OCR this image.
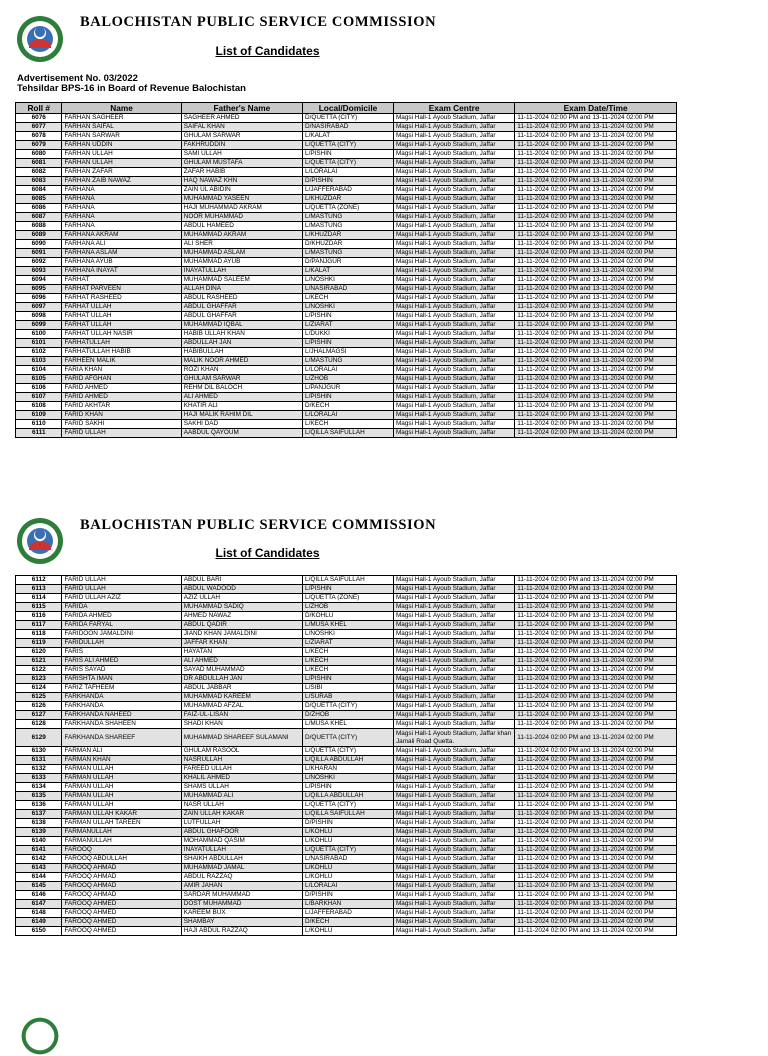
BALOCHISTAN PUBLIC SERVICE COMMISSION
List of Candidates
Advertisement No. 03/2022
Tehsildar BPS-16 in Board of Revenue Balochistan
Roll #	Name	Father's Name	Local/Domicile	Exam Centre	Exam Date/Time
6076	FARHAN SAGHEER	SAGHEER AHMED	D/QUETTA (CITY)	Magsi Hall-1 Ayoub Stadium, Jaffar	11-11-2024 02:00 PM and 13-11-2024 02:00 PM
6077	FARHAN SAIFAL	SAIFAL KHAN	D/NASIRABAD	Magsi Hall-1 Ayoub Stadium, Jaffar	11-11-2024 02:00 PM and 13-11-2024 02:00 PM
6078	FARHAN SARWAR	GHULAM SARWAR	L/KALAT	Magsi Hall-1 Ayoub Stadium, Jaffar	11-11-2024 02:00 PM and 13-11-2024 02:00 PM
6079	FARHAN UDDIN	FAKHRUDDIN	L/QUETTA (CITY)	Magsi Hall-1 Ayoub Stadium, Jaffar	11-11-2024 02:00 PM and 13-11-2024 02:00 PM
6080	FARHAN ULLAH	SAMI ULLAH	L/PISHIN	Magsi Hall-1 Ayoub Stadium, Jaffar	11-11-2024 02:00 PM and 13-11-2024 02:00 PM
6081	FARHAN ULLAH	GHULAM MUSTAFA	L/QUETTA (CITY)	Magsi Hall-1 Ayoub Stadium, Jaffar	11-11-2024 02:00 PM and 13-11-2024 02:00 PM
6082	FARHAN ZAFAR	ZAFAR HABIB	L/LORALAI	Magsi Hall-1 Ayoub Stadium, Jaffar	11-11-2024 02:00 PM and 13-11-2024 02:00 PM
6083	FARHAN ZAIB NAWAZ	HAQ NAWAZ KHN	D/PISHIN	Magsi Hall-1 Ayoub Stadium, Jaffar	11-11-2024 02:00 PM and 13-11-2024 02:00 PM
6084	FARHANA	ZAIN UL ABIDIN	L/JAFFERABAD	Magsi Hall-1 Ayoub Stadium, Jaffar	11-11-2024 02:00 PM and 13-11-2024 02:00 PM
6085	FARHANA	MUHAMMAD YASEEN	L/KHUZDAR	Magsi Hall-1 Ayoub Stadium, Jaffar	11-11-2024 02:00 PM and 13-11-2024 02:00 PM
6086	FARHANA	HAJI MUHAMMAD AKRAM	L/QUETTA (ZONE)	Magsi Hall-1 Ayoub Stadium, Jaffar	11-11-2024 02:00 PM and 13-11-2024 02:00 PM
6087	FARHANA	NOOR MUHAMMAD	L/MASTUNG	Magsi Hall-1 Ayoub Stadium, Jaffar	11-11-2024 02:00 PM and 13-11-2024 02:00 PM
6088	FARHANA	ABDUL HAMEED	L/MASTUNG	Magsi Hall-1 Ayoub Stadium, Jaffar	11-11-2024 02:00 PM and 13-11-2024 02:00 PM
6089	FARHANA AKRAM	MUHAMMAD AKRAM	L/KHUZDAR	Magsi Hall-1 Ayoub Stadium, Jaffar	11-11-2024 02:00 PM and 13-11-2024 02:00 PM
6090	FARHANA ALI	ALI SHER	D/KHUZDAR	Magsi Hall-1 Ayoub Stadium, Jaffar	11-11-2024 02:00 PM and 13-11-2024 02:00 PM
6091	FARHANA ASLAM	MUHAMMAD ASLAM	L/MASTUNG	Magsi Hall-1 Ayoub Stadium, Jaffar	11-11-2024 02:00 PM and 13-11-2024 02:00 PM
6092	FARHANA AYUB	MUHAMMAD AYUB	D/PANJGUR	Magsi Hall-1 Ayoub Stadium, Jaffar	11-11-2024 02:00 PM and 13-11-2024 02:00 PM
6093	FARHANA INAYAT	INAYATULLAH	L/KALAT	Magsi Hall-1 Ayoub Stadium, Jaffar	11-11-2024 02:00 PM and 13-11-2024 02:00 PM
6094	FARHAT	MUHAMMAD SALEEM	L/NOSHKI	Magsi Hall-1 Ayoub Stadium, Jaffar	11-11-2024 02:00 PM and 13-11-2024 02:00 PM
6095	FARHAT PARVEEN	ALLAH DINA	L/NASIRABAD	Magsi Hall-1 Ayoub Stadium, Jaffar	11-11-2024 02:00 PM and 13-11-2024 02:00 PM
6096	FARHAT RASHEED	ABDUL RASHEED	L/KECH	Magsi Hall-1 Ayoub Stadium, Jaffar	11-11-2024 02:00 PM and 13-11-2024 02:00 PM
6097	FARHAT ULLAH	ABDUL GHAFFAR	L/NOSHKI	Magsi Hall-1 Ayoub Stadium, Jaffar	11-11-2024 02:00 PM and 13-11-2024 02:00 PM
6098	FARHAT ULLAH	ABDUL GHAFFAR	L/PISHIN	Magsi Hall-1 Ayoub Stadium, Jaffar	11-11-2024 02:00 PM and 13-11-2024 02:00 PM
6099	FARHAT ULLAH	MUHAMMAD IQBAL	L/ZIARAT	Magsi Hall-1 Ayoub Stadium, Jaffar	11-11-2024 02:00 PM and 13-11-2024 02:00 PM
6100	FARHAT ULLAH NASIR	HABIB ULLAH KHAN	L/DUKKI	Magsi Hall-1 Ayoub Stadium, Jaffar	11-11-2024 02:00 PM and 13-11-2024 02:00 PM
6101	FARHATULLAH	ABDULLAH JAN	L/PISHIN	Magsi Hall-1 Ayoub Stadium, Jaffar	11-11-2024 02:00 PM and 13-11-2024 02:00 PM
6102	FARHATULLAH HABIB	HABIBULLAH	L/JHALMAGSI	Magsi Hall-1 Ayoub Stadium, Jaffar	11-11-2024 02:00 PM and 13-11-2024 02:00 PM
6103	FARHEEN MALIK	MALIK NOOR AHMED	L/MASTUNG	Magsi Hall-1 Ayoub Stadium, Jaffar	11-11-2024 02:00 PM and 13-11-2024 02:00 PM
6104	FARIA KHAN	ROZI KHAN	L/LORALAI	Magsi Hall-1 Ayoub Stadium, Jaffar	11-11-2024 02:00 PM and 13-11-2024 02:00 PM
6105	FARID AFGHAN	GHULAM SARWAR	L/ZHOB	Magsi Hall-1 Ayoub Stadium, Jaffar	11-11-2024 02:00 PM and 13-11-2024 02:00 PM
6106	FARID AHMED	REHM DIL BALOCH	L/PANJGUR	Magsi Hall-1 Ayoub Stadium, Jaffar	11-11-2024 02:00 PM and 13-11-2024 02:00 PM
6107	FARID AHMED	ALI AHMED	L/PISHIN	Magsi Hall-1 Ayoub Stadium, Jaffar	11-11-2024 02:00 PM and 13-11-2024 02:00 PM
6108	FARID AKHTAR	KHATIR ALI	D/KECH	Magsi Hall-1 Ayoub Stadium, Jaffar	11-11-2024 02:00 PM and 13-11-2024 02:00 PM
6109	FARID KHAN	HAJI MALIK RAHIM DIL	L/LORALAI	Magsi Hall-1 Ayoub Stadium, Jaffar	11-11-2024 02:00 PM and 13-11-2024 02:00 PM
6110	FARID SAKHI	SAKHI DAD	L/KECH	Magsi Hall-1 Ayoub Stadium, Jaffar	11-11-2024 02:00 PM and 13-11-2024 02:00 PM
6111	FARID ULLAH	AABDUL QAYOUM	L/QILLA SAIFULLAH	Magsi Hall-1 Ayoub Stadium, Jaffar	11-11-2024 02:00 PM and 13-11-2024 02:00 PM
BALOCHISTAN PUBLIC SERVICE COMMISSION
List of Candidates
6112	FARID ULLAH	ABDUL BARI	L/QILLA SAIFULLAH	Magsi Hall-1 Ayoub Stadium, Jaffar	11-11-2024 02:00 PM and 13-11-2024 02:00 PM
6113	FARID ULLAH	ABDUL WADOOD	L/PISHIN	Magsi Hall-1 Ayoub Stadium, Jaffar	11-11-2024 02:00 PM and 13-11-2024 02:00 PM
6114	FARID ULLAH AZIZ	AZIZ ULLAH	L/QUETTA (ZONE)	Magsi Hall-1 Ayoub Stadium, Jaffar	11-11-2024 02:00 PM and 13-11-2024 02:00 PM
6115	FARIDA	MUHAMMAD SADIQ	L/ZHOB	Magsi Hall-1 Ayoub Stadium, Jaffar	11-11-2024 02:00 PM and 13-11-2024 02:00 PM
6116	FARIDA AHMED	AHMED NAWAZ	D/KOHLU	Magsi Hall-1 Ayoub Stadium, Jaffar	11-11-2024 02:00 PM and 13-11-2024 02:00 PM
6117	FARIDA FARYAL	ABDUL QADIR	L/MUSA KHEL	Magsi Hall-1 Ayoub Stadium, Jaffar	11-11-2024 02:00 PM and 13-11-2024 02:00 PM
6118	FARIDOON JAMALDINI	JIAND KHAN JAMALDINI	L/NOSHKI	Magsi Hall-1 Ayoub Stadium, Jaffar	11-11-2024 02:00 PM and 13-11-2024 02:00 PM
6119	FARIDULLAH	JAFFAR KHAN	L/ZIARAT	Magsi Hall-1 Ayoub Stadium, Jaffar	11-11-2024 02:00 PM and 13-11-2024 02:00 PM
6120	FARIS	HAYATAN	L/KECH	Magsi Hall-1 Ayoub Stadium, Jaffar	11-11-2024 02:00 PM and 13-11-2024 02:00 PM
6121	FARIS ALI AHMED	ALI AHMED	L/KECH	Magsi Hall-1 Ayoub Stadium, Jaffar	11-11-2024 02:00 PM and 13-11-2024 02:00 PM
6122	FARIS SAYAD	SAYAD MUHAMMAD	L/KECH	Magsi Hall-1 Ayoub Stadium, Jaffar	11-11-2024 02:00 PM and 13-11-2024 02:00 PM
6123	FARISHTA IMAN	DR ABDULLAH JAN	L/PISHIN	Magsi Hall-1 Ayoub Stadium, Jaffar	11-11-2024 02:00 PM and 13-11-2024 02:00 PM
6124	FARIZ TAFHEEM	ABDUL JABBAR	L/SIBI	Magsi Hall-1 Ayoub Stadium, Jaffar	11-11-2024 02:00 PM and 13-11-2024 02:00 PM
6125	FARKHANDA	MUHAMMAD KAREEM	L/SURAB	Magsi Hall-1 Ayoub Stadium, Jaffar	11-11-2024 02:00 PM and 13-11-2024 02:00 PM
6126	FARKHANDA	MUHAMMAD AFZAL	D/QUETTA (CITY)	Magsi Hall-1 Ayoub Stadium, Jaffar	11-11-2024 02:00 PM and 13-11-2024 02:00 PM
6127	FARKHANDA NAHEED	FAIZ-UL-LISAN	D/ZHOB	Magsi Hall-1 Ayoub Stadium, Jaffar	11-11-2024 02:00 PM and 13-11-2024 02:00 PM
6128	FARKHANDA SHAHEEN	SHADI KHAN	L/MUSA KHEL	Magsi Hall-1 Ayoub Stadium, Jaffar	11-11-2024 02:00 PM and 13-11-2024 02:00 PM
6129	FARKHANDA SHAREEF	MUHAMMAD SHAREEF SULAMANI	D/QUETTA (CITY)	Magsi Hall-1 Ayoub Stadium, Jaffar khan Jamali Road Quetta.	11-11-2024 02:00 PM and 13-11-2024 02:00 PM
6130	FARMAN ALI	GHULAM RASOOL	L/QUETTA (CITY)	Magsi Hall-1 Ayoub Stadium, Jaffar	11-11-2024 02:00 PM and 13-11-2024 02:00 PM
6131	FARMAN KHAN	NASRULLAH	L/QILLA ABDULLAH	Magsi Hall-1 Ayoub Stadium, Jaffar	11-11-2024 02:00 PM and 13-11-2024 02:00 PM
6132	FARMAN ULLAH	FAREED ULLAH	L/KHARAN	Magsi Hall-1 Ayoub Stadium, Jaffar	11-11-2024 02:00 PM and 13-11-2024 02:00 PM
6133	FARMAN ULLAH	KHALIL AHMED	L/NOSHKI	Magsi Hall-1 Ayoub Stadium, Jaffar	11-11-2024 02:00 PM and 13-11-2024 02:00 PM
6134	FARMAN ULLAH	SHAMS ULLAH	L/PISHIN	Magsi Hall-1 Ayoub Stadium, Jaffar	11-11-2024 02:00 PM and 13-11-2024 02:00 PM
6135	FARMAN ULLAH	MUHAMMAD ALI	L/QILLA ABDULLAH	Magsi Hall-1 Ayoub Stadium, Jaffar	11-11-2024 02:00 PM and 13-11-2024 02:00 PM
6136	FARMAN ULLAH	NASR ULLAH	L/QUETTA (CITY)	Magsi Hall-1 Ayoub Stadium, Jaffar	11-11-2024 02:00 PM and 13-11-2024 02:00 PM
6137	FARMAN ULLAH KAKAR	ZAIN ULLAH KAKAR	L/QILLA SAIFULLAH	Magsi Hall-1 Ayoub Stadium, Jaffar	11-11-2024 02:00 PM and 13-11-2024 02:00 PM
6138	FARMAN ULLAH TAREEN	LUTFULLAH	D/PISHIN	Magsi Hall-1 Ayoub Stadium, Jaffar	11-11-2024 02:00 PM and 13-11-2024 02:00 PM
6139	FARMANULLAH	ABDUL GHAFOOR	L/KOHLU	Magsi Hall-1 Ayoub Stadium, Jaffar	11-11-2024 02:00 PM and 13-11-2024 02:00 PM
6140	FARMANULLAH	MOHAMMAD QASIM	L/KOHLU	Magsi Hall-1 Ayoub Stadium, Jaffar	11-11-2024 02:00 PM and 13-11-2024 02:00 PM
6141	FAROOQ	INAYATULLAH	L/QUETTA (CITY)	Magsi Hall-1 Ayoub Stadium, Jaffar	11-11-2024 02:00 PM and 13-11-2024 02:00 PM
6142	FAROOQ ABDULLAH	SHAIKH ABDULLAH	L/NASIRABAD	Magsi Hall-1 Ayoub Stadium, Jaffar	11-11-2024 02:00 PM and 13-11-2024 02:00 PM
6143	FAROOQ AHMAD	MUHAMMAD JAMAL	L/KOHLU	Magsi Hall-1 Ayoub Stadium, Jaffar	11-11-2024 02:00 PM and 13-11-2024 02:00 PM
6144	FAROOQ AHMAD	ABDUL RAZZAQ	L/KOHLU	Magsi Hall-1 Ayoub Stadium, Jaffar	11-11-2024 02:00 PM and 13-11-2024 02:00 PM
6145	FAROOQ AHMAD	AMIR JAHAN	L/LORALAI	Magsi Hall-1 Ayoub Stadium, Jaffar	11-11-2024 02:00 PM and 13-11-2024 02:00 PM
6146	FAROOQ AHMAD	SARDAR MUHAMMAD	D/PISHIN	Magsi Hall-1 Ayoub Stadium, Jaffar	11-11-2024 02:00 PM and 13-11-2024 02:00 PM
6147	FAROOQ AHMED	DOST MUHAMMAD	L/BARKHAN	Magsi Hall-1 Ayoub Stadium, Jaffar	11-11-2024 02:00 PM and 13-11-2024 02:00 PM
6148	FAROOQ AHMED	KAREEM BUX	L/JAFFERABAD	Magsi Hall-1 Ayoub Stadium, Jaffar	11-11-2024 02:00 PM and 13-11-2024 02:00 PM
6149	FAROOQ AHMED	SHAMBAY	D/KECH	Magsi Hall-1 Ayoub Stadium, Jaffar	11-11-2024 02:00 PM and 13-11-2024 02:00 PM
6150	FAROOQ AHMED	HAJI ABDUL RAZZAQ	L/KOHLU	Magsi Hall-1 Ayoub Stadium, Jaffar	11-11-2024 02:00 PM and 13-11-2024 02:00 PM
